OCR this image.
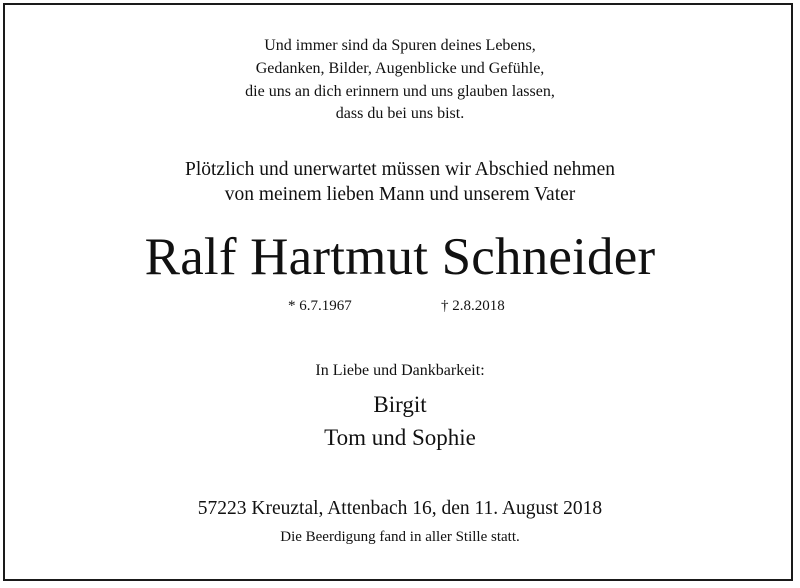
Und immer sind da Spuren deines Lebens,

Gedanken, Bilder, Augenblicke und Gefühle,

die uns an dich erinnern und uns glauben lassen,

dass du bei uns bist.

Plötzlich und unerwartet müssen wir Abschied nehmen

von meinem lieben Mann und unserem Vater

Ralf Hartmut Schneider
* 6.7.1967	† 2.8.2018

In Liebe und Dankbarkeit:

Birgit

Tom und Sophie

57223 Kreuztal, Attenbach 16, den 11. August 2018

Die Beerdigung fand in aller Stille statt.
